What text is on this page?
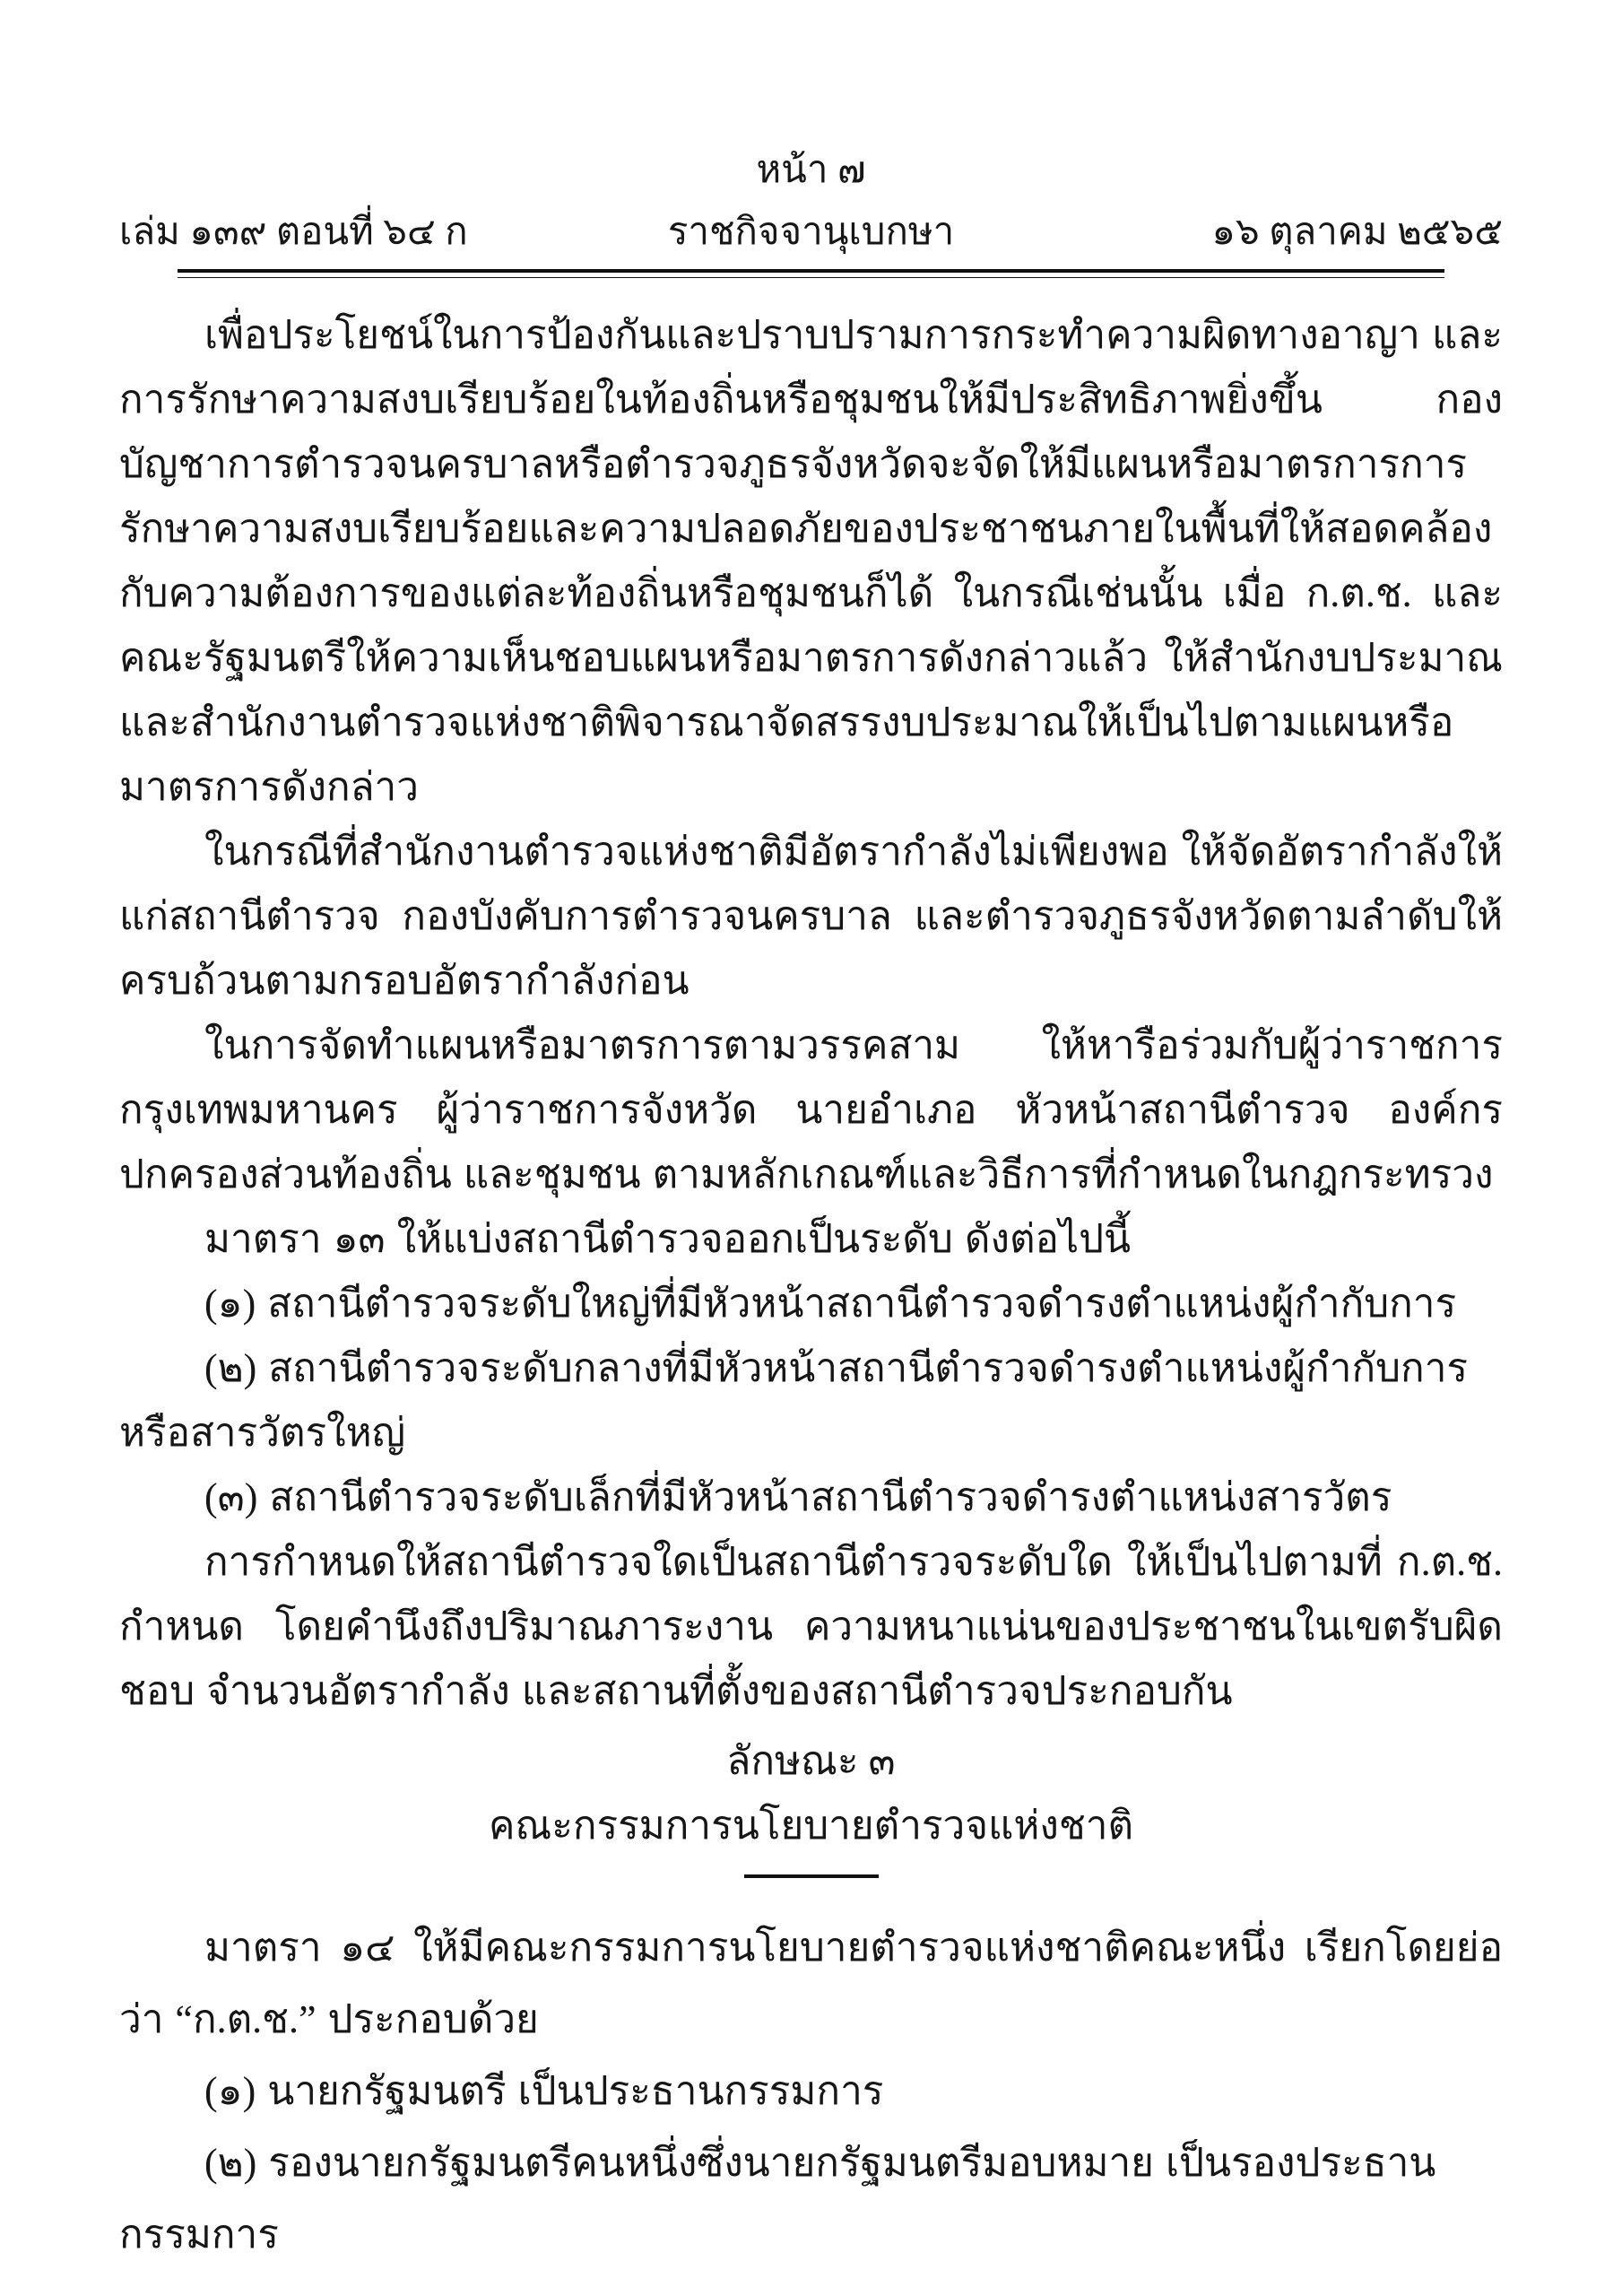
หน้า ๗
เล่ม ๑๓๙ ตอนที่ ๖๔ ก	ราชกิจจานุเบกษา	๑๖ ตุลาคม ๒๕๖๕

เพื่อประโยชน์ในการป้องกันและปราบปรามการกระทำความผิดทางอาญา และการรักษาความสงบเรียบร้อยในท้องถิ่นหรือชุมชนให้มีประสิทธิภาพยิ่งขึ้น กองบัญชาการตำรวจนครบาลหรือตำรวจภูธรจังหวัดจะจัดให้มีแผนหรือมาตรการการรักษาความสงบเรียบร้อยและความปลอดภัยของประชาชนภายในพื้นที่ให้สอดคล้องกับความต้องการของแต่ละท้องถิ่นหรือชุมชนก็ได้ ในกรณีเช่นนั้น เมื่อ ก.ต.ช. และคณะรัฐมนตรีให้ความเห็นชอบแผนหรือมาตรการดังกล่าวแล้ว ให้สำนักงบประมาณและสำนักงานตำรวจแห่งชาติพิจารณาจัดสรรงบประมาณให้เป็นไปตามแผนหรือมาตรการดังกล่าว

ในกรณีที่สำนักงานตำรวจแห่งชาติมีอัตรากำลังไม่เพียงพอ ให้จัดอัตรากำลังให้แก่สถานีตำรวจ กองบังคับการตำรวจนครบาล และตำรวจภูธรจังหวัดตามลำดับให้ครบถ้วนตามกรอบอัตรากำลังก่อน

ในการจัดทำแผนหรือมาตรการตามวรรคสาม ให้หารือร่วมกับผู้ว่าราชการกรุงเทพมหานคร ผู้ว่าราชการจังหวัด นายอำเภอ หัวหน้าสถานีตำรวจ องค์กรปกครองส่วนท้องถิ่น และชุมชน ตามหลักเกณฑ์และวิธีการที่กำหนดในกฎกระทรวง

มาตรา ๑๓ ให้แบ่งสถานีตำรวจออกเป็นระดับ ดังต่อไปนี้

(๑) สถานีตำรวจระดับใหญ่ที่มีหัวหน้าสถานีตำรวจดำรงตำแหน่งผู้กำกับการ

(๒) สถานีตำรวจระดับกลางที่มีหัวหน้าสถานีตำรวจดำรงตำแหน่งผู้กำกับการหรือสารวัตรใหญ่

(๓) สถานีตำรวจระดับเล็กที่มีหัวหน้าสถานีตำรวจดำรงตำแหน่งสารวัตร

การกำหนดให้สถานีตำรวจใดเป็นสถานีตำรวจระดับใด ให้เป็นไปตามที่ ก.ต.ช. กำหนด โดยคำนึงถึงปริมาณภาระงาน ความหนาแน่นของประชาชนในเขตรับผิดชอบ จำนวนอัตรากำลัง และสถานที่ตั้งของสถานีตำรวจประกอบกัน

ลักษณะ ๓
คณะกรรมการนโยบายตำรวจแห่งชาติ

มาตรา ๑๔ ให้มีคณะกรรมการนโยบายตำรวจแห่งชาติคณะหนึ่ง เรียกโดยย่อว่า “ก.ต.ช.” ประกอบด้วย

(๑) นายกรัฐมนตรี เป็นประธานกรรมการ

(๒) รองนายกรัฐมนตรีคนหนึ่งซึ่งนายกรัฐมนตรีมอบหมาย เป็นรองประธานกรรมการ
